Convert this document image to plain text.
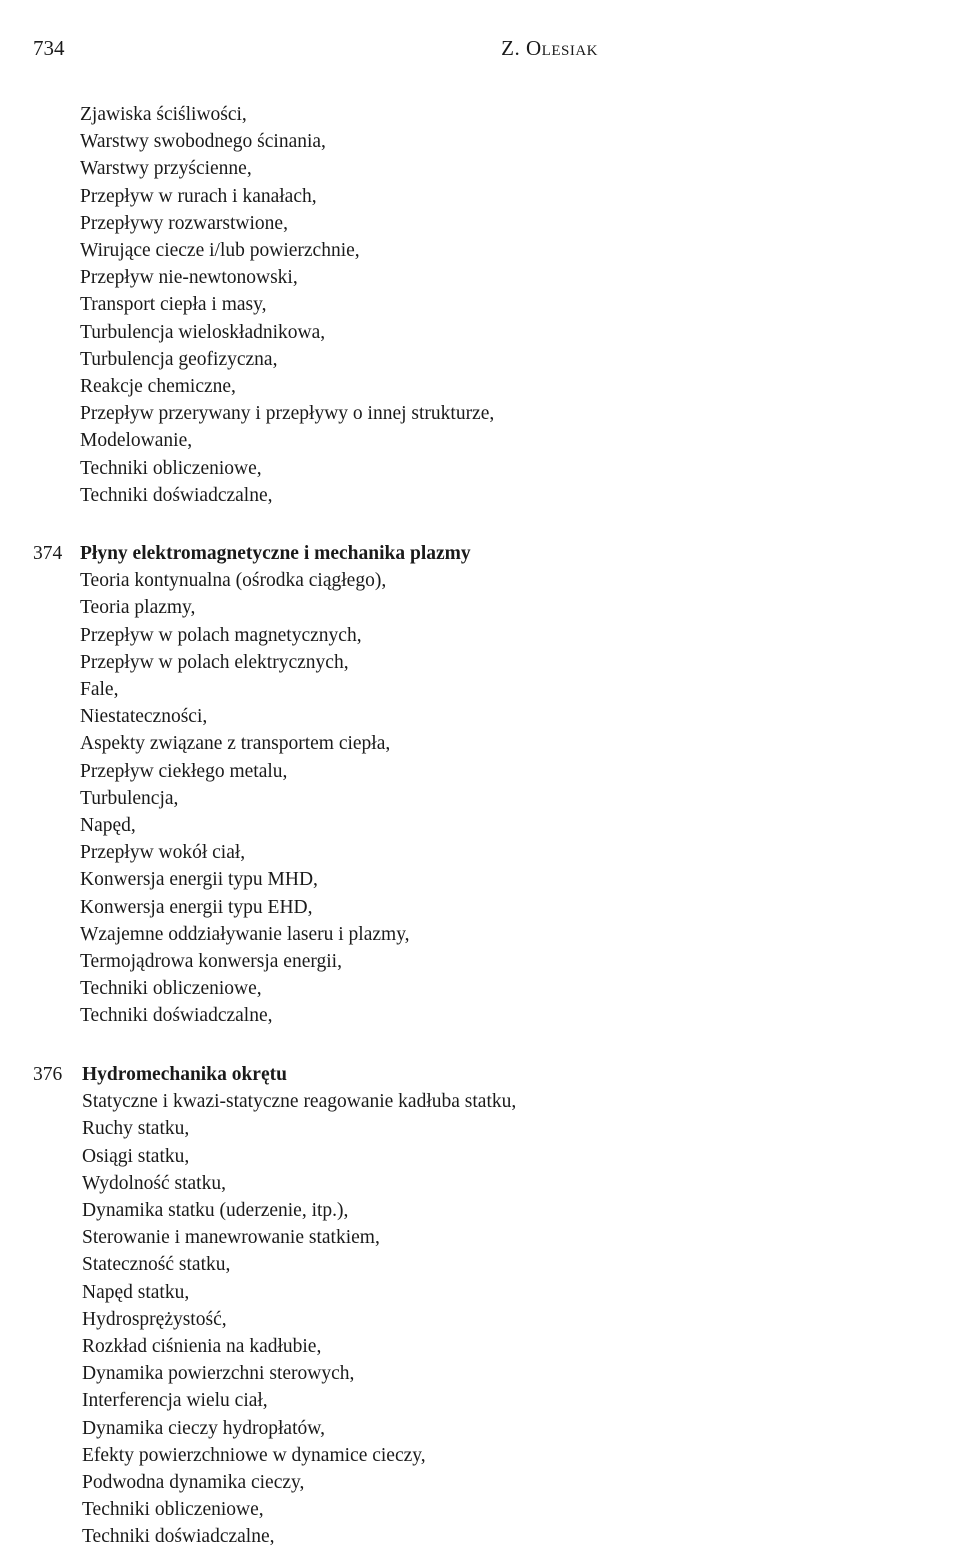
734	Z. Olesiak
Zjawiska ściśliwości,
Warstwy swobodnego ścinania,
Warstwy przyścienne,
Przepływ w rurach i kanałach,
Przepływy rozwarstwione,
Wirujące ciecze i/lub powierzchnie,
Przepływ nie-newtonowski,
Transport ciepła i masy,
Turbulencja wieloskładnikowa,
Turbulencja geofizyczna,
Reakcje chemiczne,
Przepływ przerywany i przepływy o innej strukturze,
Modelowanie,
Techniki obliczeniowe,
Techniki doświadczalne,
374 Płyny elektromagnetyczne i mechanika plazmy
Teoria kontynualna (ośrodka ciągłego),
Teoria plazmy,
Przepływ w polach magnetycznych,
Przepływ w polach elektrycznych,
Fale,
Niestateczności,
Aspekty związane z transportem ciepła,
Przepływ ciekłego metalu,
Turbulencja,
Napęd,
Przepływ wokół ciał,
Konwersja energii typu MHD,
Konwersja energii typu EHD,
Wzajemne oddziaływanie laseru i plazmy,
Termojądrowa konwersja energii,
Techniki obliczeniowe,
Techniki doświadczalne,
376 Hydromechanika okrętu
Statyczne i kwazi-statyczne reagowanie kadłuba statku,
Ruchy statku,
Osiągi statku,
Wydolność statku,
Dynamika statku (uderzenie, itp.),
Sterowanie i manewrowanie statkiem,
Stateczność statku,
Napęd statku,
Hydrosprężystość,
Rozkład ciśnienia na kadłubie,
Dynamika powierzchni sterowych,
Interferencja wielu ciał,
Dynamika cieczy hydropłatów,
Efekty powierzchniowe w dynamice cieczy,
Podwodna dynamika cieczy,
Techniki obliczeniowe,
Techniki doświadczalne,
